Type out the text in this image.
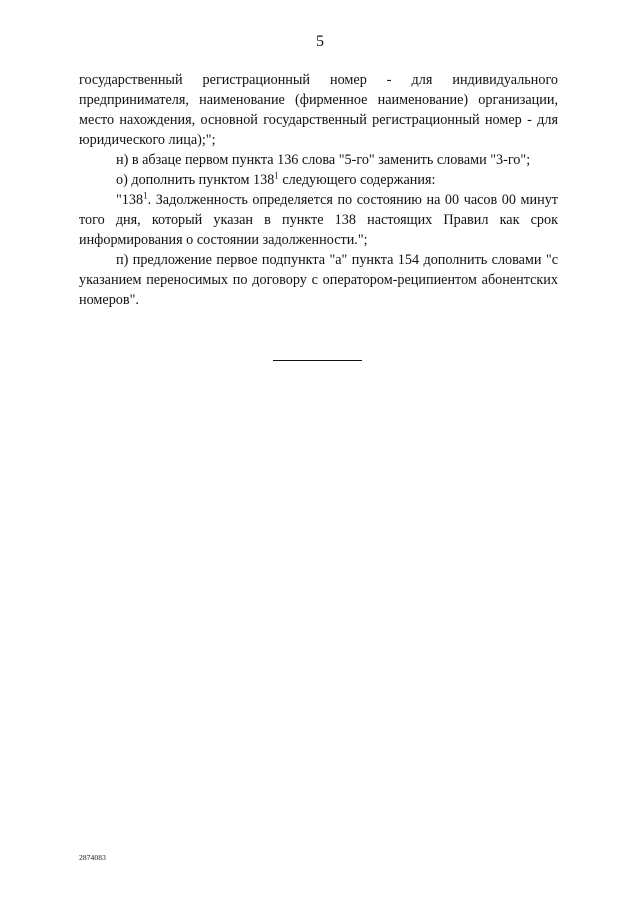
5

государственный регистрационный номер - для индивидуального предпринимателя, наименование (фирменное наименование) организации, место нахождения, основной государственный регистрационный номер - для юридического лица);";

н) в абзаце первом пункта 136 слова "5-го" заменить словами "3-го";

о) дополнить пунктом $138^1$ следующего содержания:

"$138^1$. Задолженность определяется по состоянию на 00 часов 00 минут того дня, который указан в пункте 138 настоящих Правил как срок информирования о состоянии задолженности.";

п) предложение первое подпункта "а" пункта 154 дополнить словами "с указанием переносимых по договору с оператором-реципиентом абонентских номеров".

2874083
